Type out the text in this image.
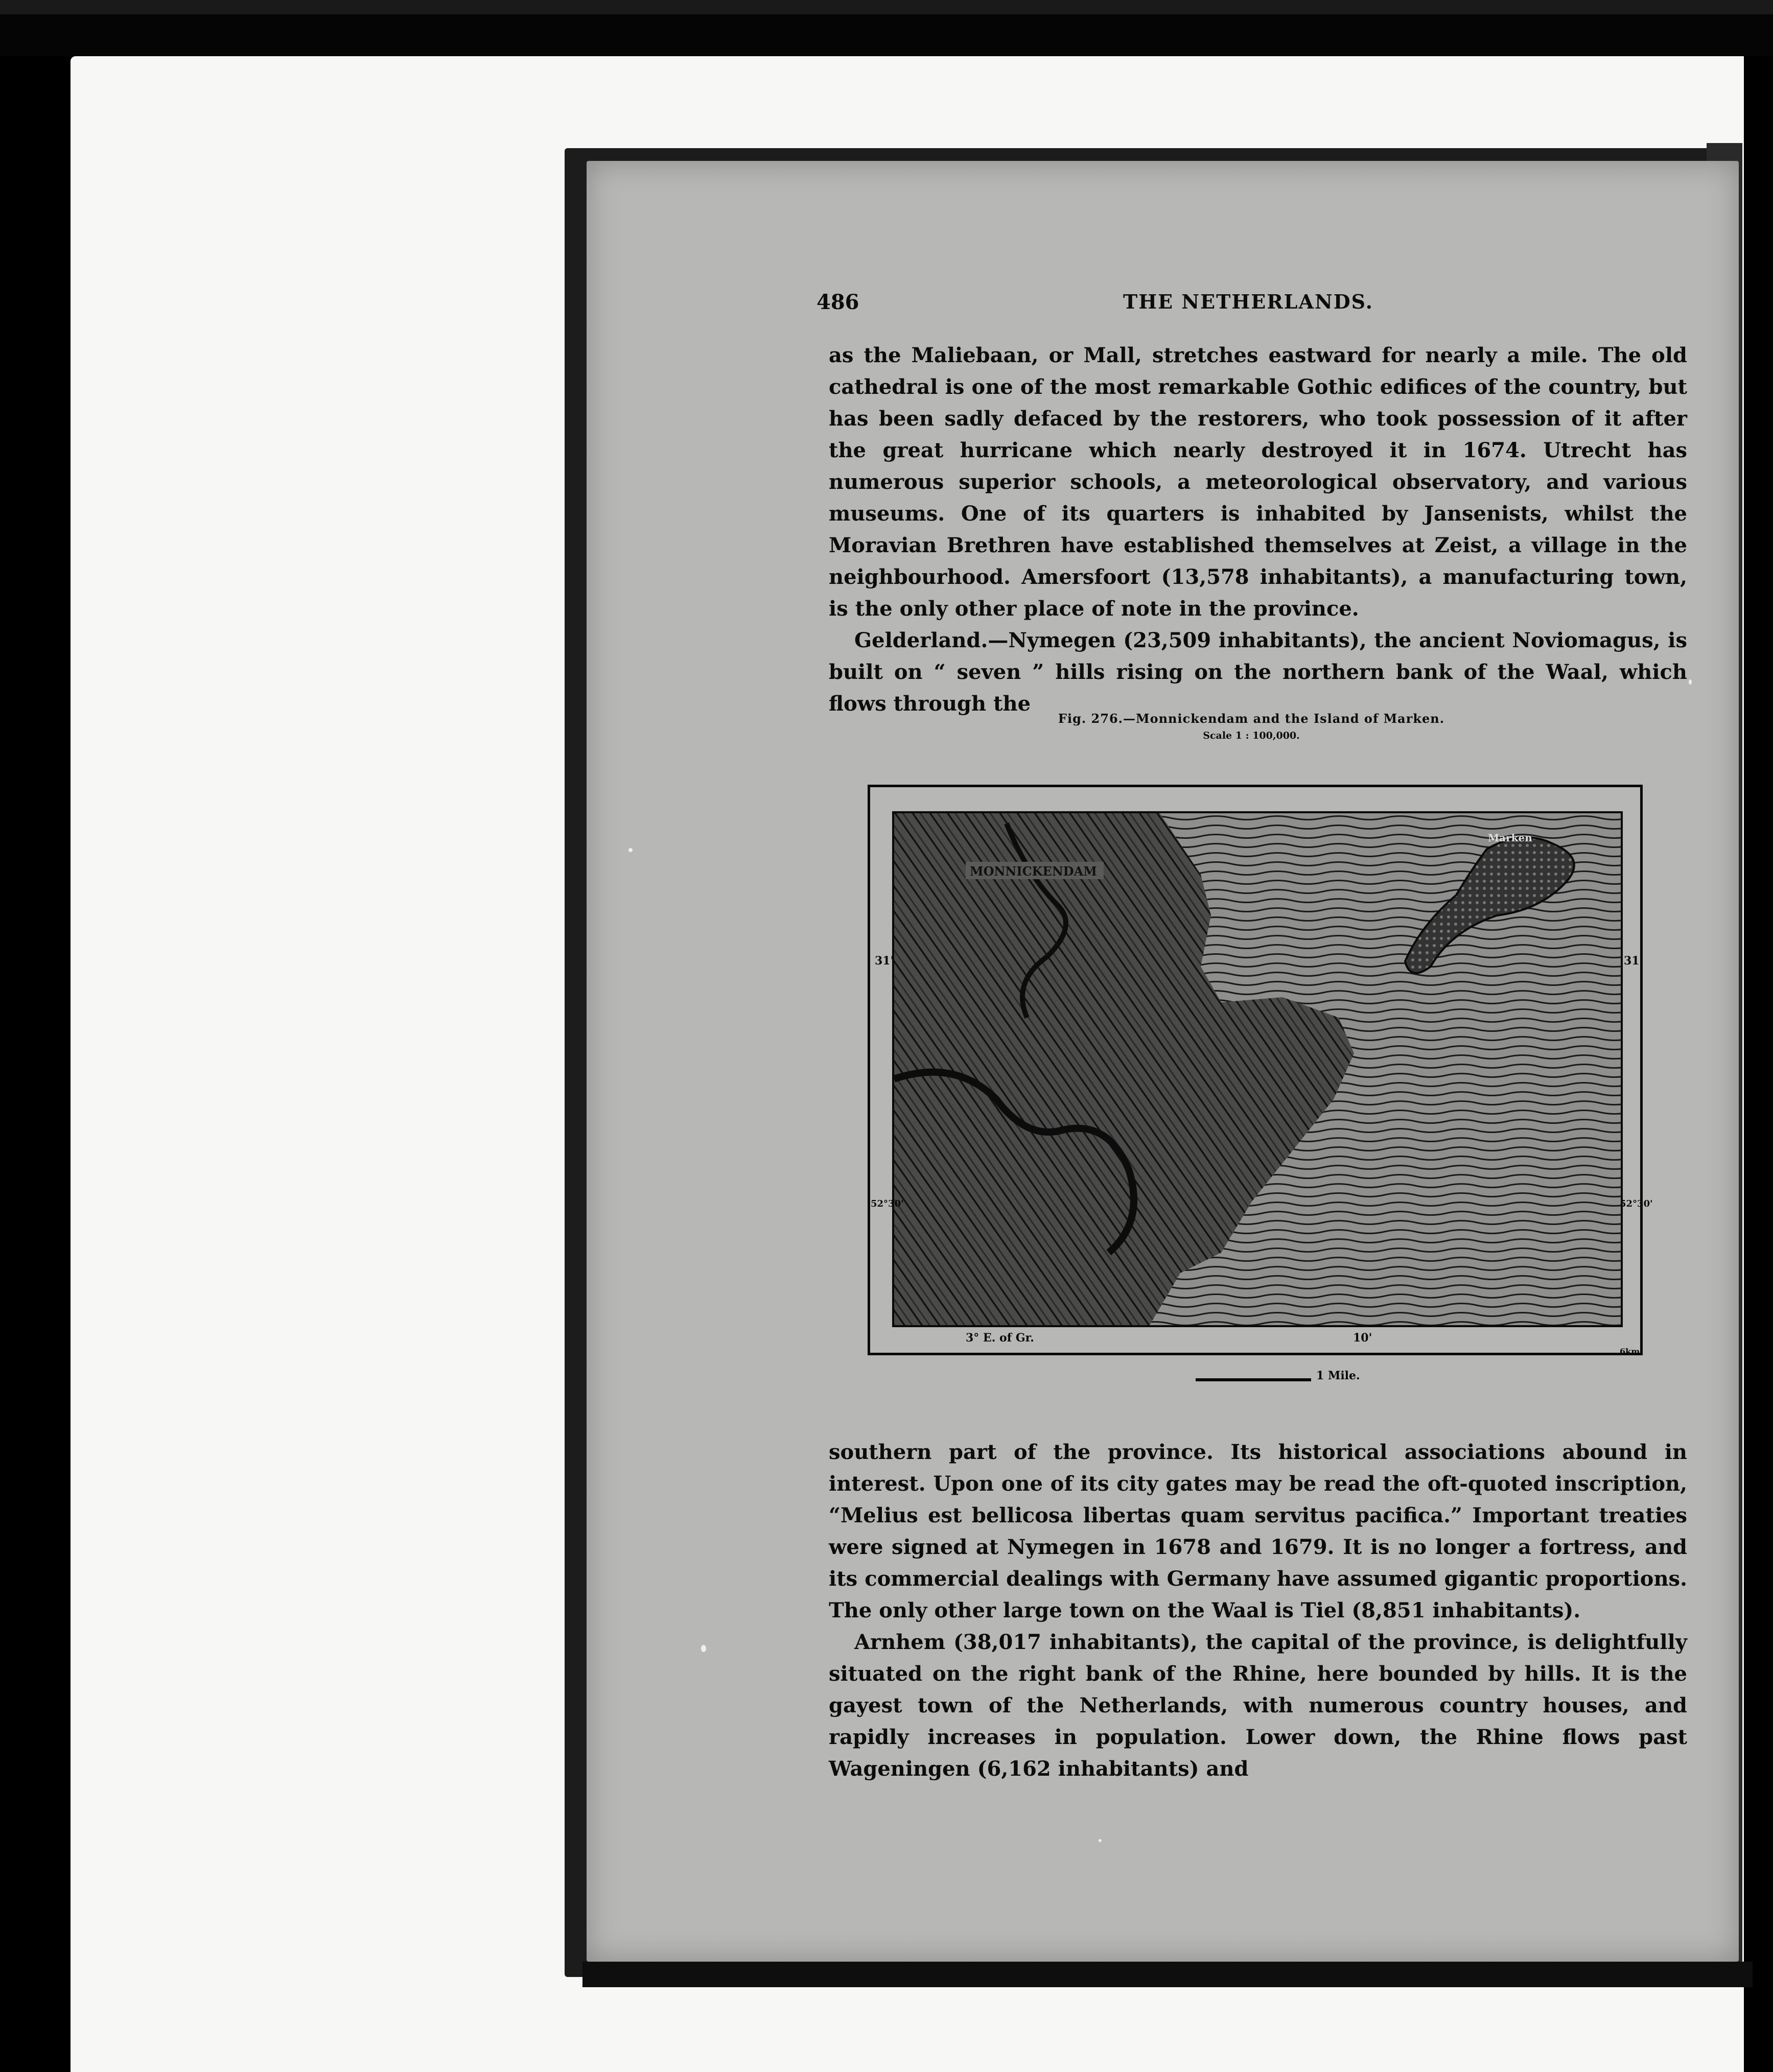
486	THE NETHERLANDS.

as the Maliebaan, or Mall, stretches eastward for nearly a mile. The old cathedral is one of the most remarkable Gothic edifices of the country, but has been sadly defaced by the restorers, who took possession of it after the great hurricane which nearly destroyed it in 1674. Utrecht has numerous superior schools, a meteorological observatory, and various museums. One of its quarters is inhabited by Jansenists, whilst the Moravian Brethren have established themselves at Zeist, a village in the neighbourhood. Amersfoort (13,578 inhabitants), a manufacturing town, is the only other place of note in the province.

Gelderland.—Nymegen (23,509 inhabitants), the ancient Noviomagus, is built on “ seven ” hills rising on the northern bank of the Waal, which flows through the

Fig. 276.—Monnickendam and the Island of Marken.
Scale 1 : 100,000.
MONNICKENDAM
31'	31'
52°30'	52°30'
3° E. of Gr.	10'
6km.
Marken
1 Mile.

southern part of the province. Its historical associations abound in interest. Upon one of its city gates may be read the oft-quoted inscription, “Melius est bellicosa libertas quam servitus pacifica.” Important treaties were signed at Nymegen in 1678 and 1679. It is no longer a fortress, and its commercial dealings with Germany have assumed gigantic proportions. The only other large town on the Waal is Tiel (8,851 inhabitants).

Arnhem (38,017 inhabitants), the capital of the province, is delightfully situated on the right bank of the Rhine, here bounded by hills. It is the gayest town of the Netherlands, with numerous country houses, and rapidly increases in population. Lower down, the Rhine flows past Wageningen (6,162 inhabitants) and
